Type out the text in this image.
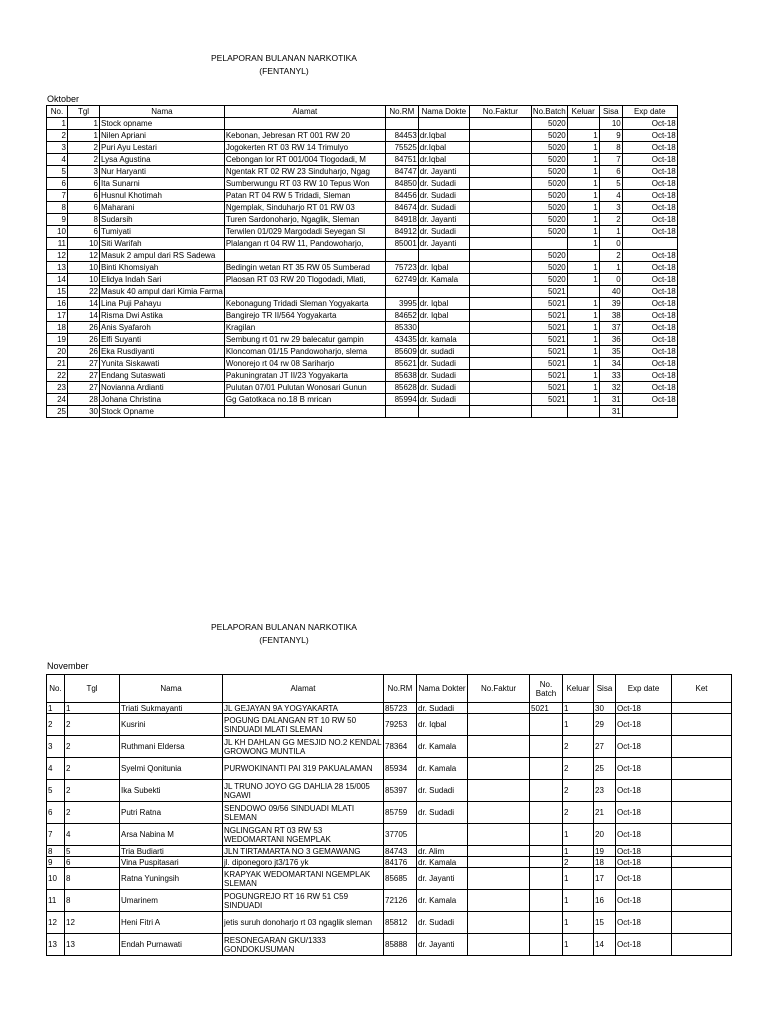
PELAPORAN BULANAN NARKOTIKA
(FENTANYL)
Oktober
No.	Tgl	Nama	Alamat	No.RM	Nama Dokte	No.Faktur	No.Batch	Keluar	Sisa	Exp date
1	1	Stock opname					5020		10	Oct-18
2	1	Nilen Apriani	Kebonan, Jebresan RT 001 RW 20	84453	dr.Iqbal		5020	1	9	Oct-18
3	2	Puri Ayu Lestari	Jogokerten RT 03 RW 14 Trimulyo	75525	dr.Iqbal		5020	1	8	Oct-18
4	2	Lysa Agustina	Cebongan lor RT 001/004 Tlogodadi, M	84751	dr.Iqbal		5020	1	7	Oct-18
5	3	Nur Haryanti	Ngentak RT 02 RW 23 Sinduharjo, Ngag	84747	dr. Jayanti		5020	1	6	Oct-18
6	6	Ita Sunarni	Sumberwungu RT 03 RW 10 Tepus Won	84850	dr. Sudadi		5020	1	5	Oct-18
7	6	Husnul Khotimah	Patan RT 04 RW 5 Tridadi, Sleman	84456	dr. Sudadi		5020	1	4	Oct-18
8	6	Maharani	Ngemplak, Sinduharjo RT 01 RW 03	84674	dr. Sudadi		5020	1	3	Oct-18
9	8	Sudarsih	Turen Sardonoharjo, Ngaglik, Sleman	84918	dr. Jayanti		5020	1	2	Oct-18
10	6	Tumiyati	Terwilen 01/029 Margodadi Seyegan Sl	84912	dr. Sudadi		5020	1	1	Oct-18
11	10	Siti Warifah	Plalangan rt 04 RW 11, Pandowoharjo,	85001	dr. Jayanti			1	0	
12	12	Masuk 2 ampul dari RS Sadewa					5020		2	Oct-18
13	10	Binti Khomsiyah	Bedingin wetan RT 35 RW 05 Sumberad	75723	dr. Iqbal		5020	1	1	Oct-18
14	10	Elidya Indah Sari	Plaosan RT 03 RW 20 Tlogodadi, Mlati,	62749	dr. Kamala		5020	1	0	Oct-18
15	22	Masuk 40 ampul dari Kimia Farma					5021		40	Oct-18
16	14	Lina Puji Pahayu	Kebonagung Tridadi Sleman Yogyakarta	3995	dr. Iqbal		5021	1	39	Oct-18
17	14	Risma Dwi Astika	Bangirejo TR II/564 Yogyakarta	84652	dr. Iqbal		5021	1	38	Oct-18
18	26	Anis Syafaroh	Kragilan	85330			5021	1	37	Oct-18
19	26	Elfi Suyanti	Sembung rt 01 rw 29 balecatur gampin	43435	dr. kamala		5021	1	36	Oct-18
20	26	Eka Rusdiyanti	Kloncoman 01/15 Pandowoharjo, slema	85609	dr. sudadi		5021	1	35	Oct-18
21	27	Yunita Siskawati	Wonorejo rt 04 rw 08 Sariharjo	85621	dr. Sudadi		5021	1	34	Oct-18
22	27	Endang Sutaswati	Pakuningratan JT II/23 Yogyakarta	85638	dr. Sudadi		5021	1	33	Oct-18
23	27	Novianna Ardianti	Pulutan 07/01 Pulutan Wonosari Gunun	85628	dr. Sudadi		5021	1	32	Oct-18
24	28	Johana Christina	Gg Gatotkaca no.18 B mrican	85994	dr. Sudadi		5021	1	31	Oct-18
25	30	Stock Opname							31	
PELAPORAN BULANAN NARKOTIKA
(FENTANYL)
November
No.	Tgl	Nama	Alamat	No.RM	Nama Dokter	No.Faktur	No. Batch	Keluar	Sisa	Exp date	Ket
1	1	Triati Sukmayanti	JL GEJAYAN 9A YOGYAKARTA	85723	dr. Sudadi		5021	1	30	Oct-18	
2	2	Kusrini	POGUNG DALANGAN RT 10 RW 50 SINDUADI MLATI SLEMAN	79253	dr. Iqbal			1	29	Oct-18	
3	2	Ruthmani Eldersa	JL KH DAHLAN GG MESJID NO.2 KENDAL GROWONG MUNTILA	78364	dr. Kamala			2	27	Oct-18	
4	2	Syelmi Qonitunia	PURWOKINANTI PAI 319 PAKUALAMAN	85934	dr. Kamala			2	25	Oct-18	
5	2	Ika Subekti	JL TRUNO JOYO GG DAHLIA 28 15/005 NGAWI	85397	dr. Sudadi			2	23	Oct-18	
6	2	Putri Ratna	SENDOWO 09/56 SINDUADI MLATI SLEMAN	85759	dr. Sudadi			2	21	Oct-18	
7	4	Arsa Nabina M	NGLINGGAN RT 03 RW 53 WEDOMARTANI NGEMPLAK	37705				1	20	Oct-18	
8	5	Tria Budiarti	JLN TIRTAMARTA NO 3 GEMAWANG	84743	dr. Alim			1	19	Oct-18	
9	6	Vina Puspitasari	jl. diponegoro jt3/176 yk	84176	dr. Kamala			2	18	Oct-18	
10	8	Ratna Yuningsih	KRAPYAK WEDOMARTANI NGEMPLAK SLEMAN	85685	dr. Jayanti			1	17	Oct-18	
11	8	Umarinem	POGUNGREJO RT 16 RW 51 C59 SINDUADI	72126	dr. Kamala			1	16	Oct-18	
12	12	Heni Fitri A	jetis suruh donoharjo rt 03 ngaglik sleman	85812	dr. Sudadi			1	15	Oct-18	
13	13	Endah Purnawati	RESONEGARAN GKU/1333 GONDOKUSUMAN	85888	dr. Jayanti			1	14	Oct-18	
